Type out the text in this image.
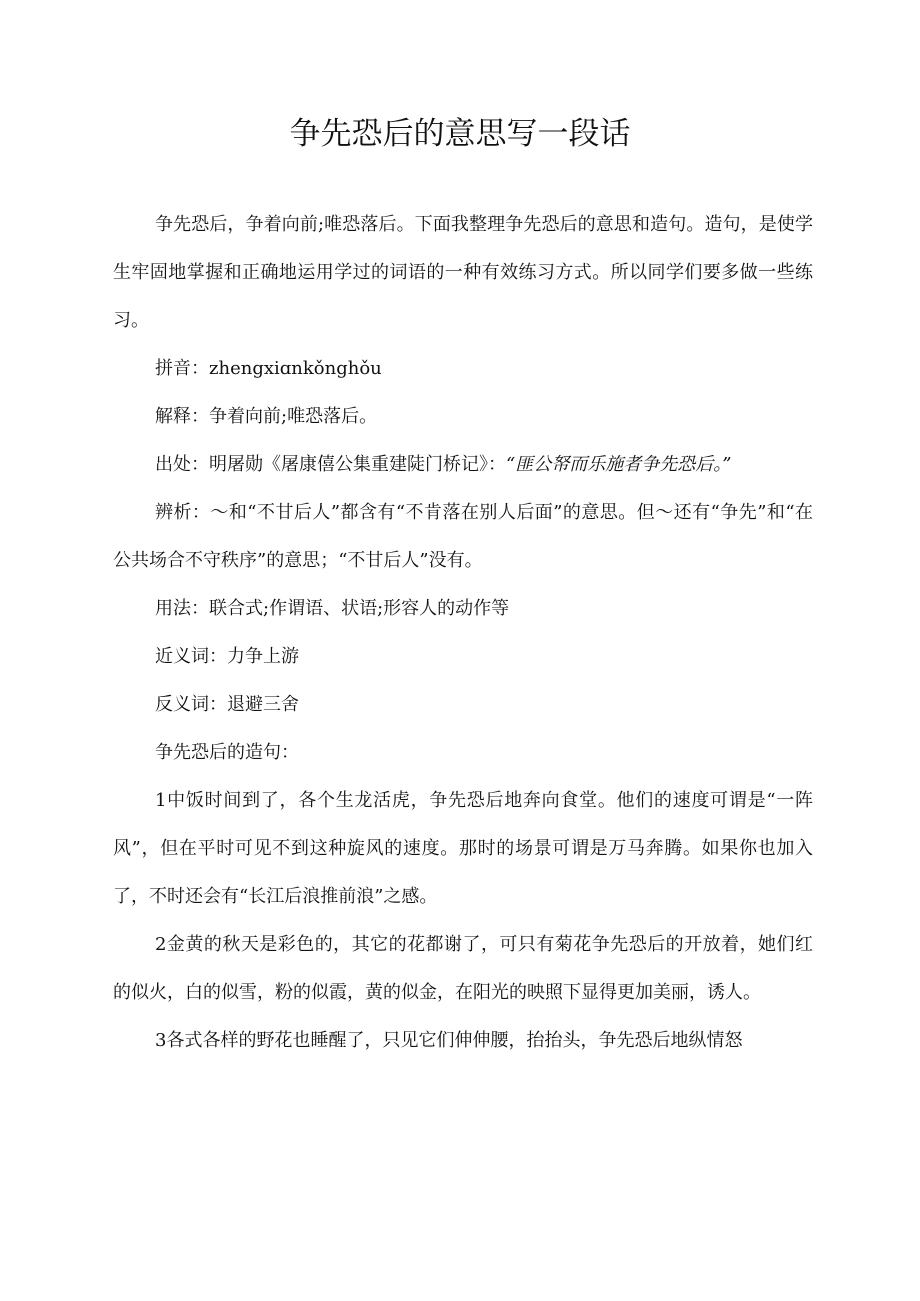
争先恐后的意思写一段话

争先恐后，争着向前;唯恐落后。下面我整理争先恐后的意思和造句。造句，是使学生牢固地掌握和正确地运用学过的词语的一种有效练习方式。所以同学们要多做一些练习。

拼音：zhengxiɑnkǒnghǒu

解释：争着向前;唯恐落后。

出处：明屠勋《屠康僖公集重建陡门桥记》：“匪公帑而乐施者争先恐后。”

辨析：～和“不甘后人”都含有“不肯落在别人后面”的意思。但～还有“争先”和“在公共场合不守秩序”的意思；“不甘后人”没有。

用法：联合式;作谓语、状语;形容人的动作等

近义词：力争上游

反义词：退避三舍

争先恐后的造句：

1中饭时间到了，各个生龙活虎，争先恐后地奔向食堂。他们的速度可谓是“一阵风”，但在平时可见不到这种旋风的速度。那时的场景可谓是万马奔腾。如果你也加入了，不时还会有“长江后浪推前浪”之感。

2金黄的秋天是彩色的，其它的花都谢了，可只有菊花争先恐后的开放着，她们红的似火，白的似雪，粉的似霞，黄的似金，在阳光的映照下显得更加美丽，诱人。

3各式各样的野花也睡醒了，只见它们伸伸腰，抬抬头，争先恐后地纵情怒
